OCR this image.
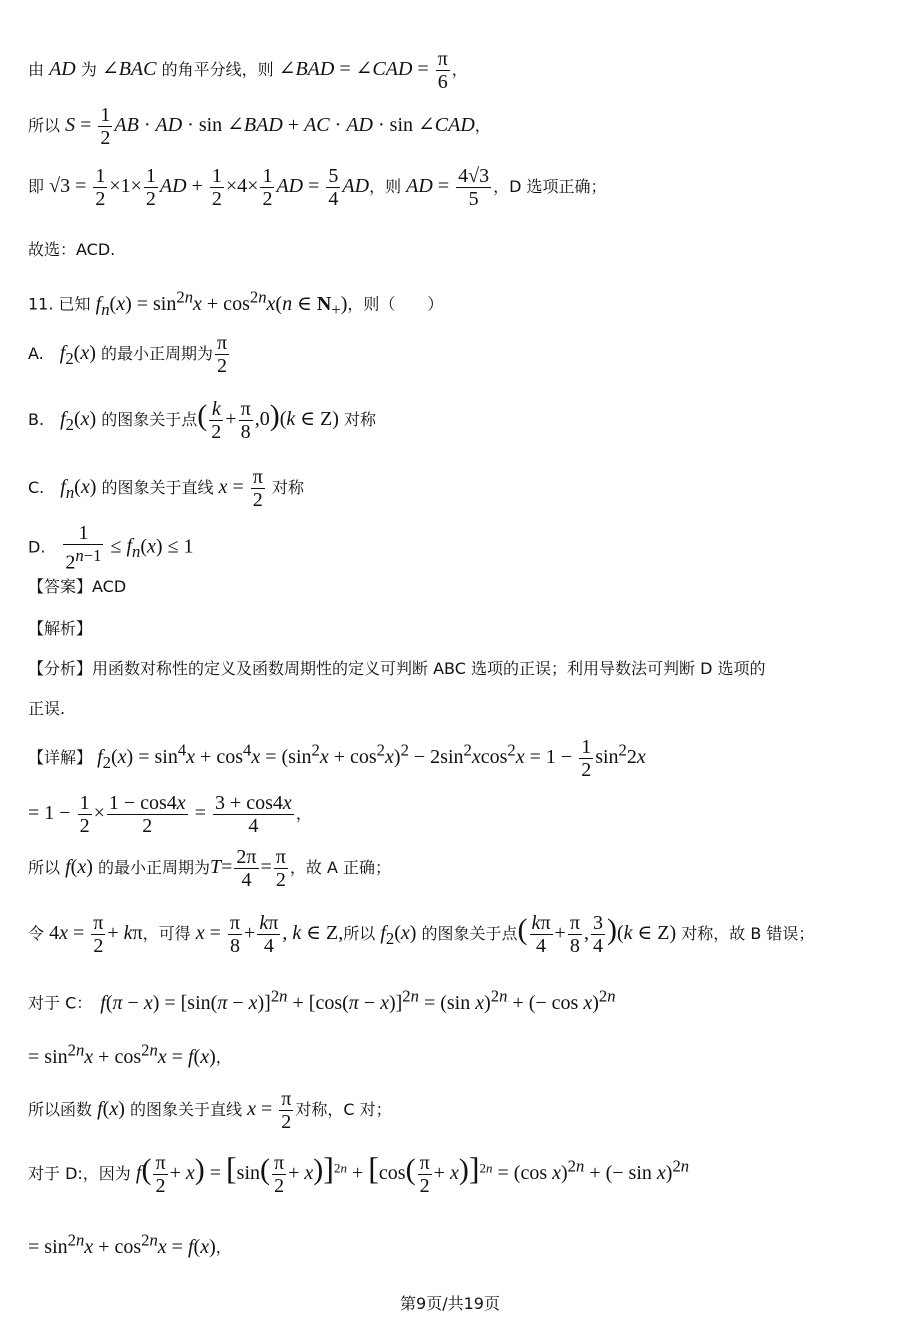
由 AD 为 ∠BAC 的角平分线，则 ∠BAD = ∠CAD = $\frac{\pi}{6}$ ，
所以 $S = \frac{1}{2}$ AB · AD · sin ∠BAD + AC · AD · sin ∠CAD，
即 $√3 = \frac{1}{2} \times 1\times \frac{1}{2}$ AD + $\frac{1}{2} \times 4\times \frac{1}{2}$ AD = $\frac{5}{4}$ AD，则 AD = $\frac{4√3}{5}$ ，D 选项正确；
故选：ACD.
11. 已知 $f_n(x) = \sin^{2n}x + \cos^{2n}x(n$ ∈ $N_+$)，则（　　）
A.　$f_2(x)$ 的最小正周期为 $\frac{\pi}{2}$
B.　$f_2(x)$ 的图象关于点( $\frac{k}{2} + \frac{\pi}{8} ,0)(k$ ∈ Z) 对称
C.　$f_n(x)$ 的图象关于直线 $x = \frac{\pi}{2}$ 对称
D.　 $\frac{1}{2^{n-1}} \le f_n(x) \le 1$
【答案】ACD
【解析】
【分析】用函数对称性的定义及函数周期性的定义可判断 ABC 选项的正误；利用导数法可判断 D 选项的
正误.
【详解】 $f_2(x) = \sin^4x + \cos^4x = (\sin^2x + \cos^2x)^2 - 2\sin^2xcos^2x = 1 - \frac{1}{2} \sin^22x$
= $1 - \frac{1}{2} \times \frac{1 - \cos 4x}{2} = \frac{3 + \cos 4x}{4}$ ，
所以 f(x) 的最小正周期为$T= \frac{2\pi}{4} = \frac{\pi}{2}$ ，故 A 正确；
令 $4x = \frac{\pi}{2} + k\pi$，可得 $x = \frac{\pi}{8} + \frac{k\pi}{4}$ , k ∈ Z,所以 $f_2(x)$ 的图象关于点( $\frac{k\pi}{4} + \frac{\pi}{8}$ , $\frac{3}{4} )(k$ ∈ Z) 对称，故 B 错误；
对于 C：　$f(\pi - x) = [\sin(\pi - x)]^{2n} + [\cos(\pi - x)]^{2n} = (\sin$ x)$^{2n}$ + (− cos x)$^{2n}$
= $\sin^{2n}x + \cos^{2n}x = f(x)$，
所以函数 f(x) 的图象关于直线 $x = \frac{\pi}{2}$ 对称，C 对；
对于 D:，因为 $f( \frac{\pi}{2} + x) = [\sin( \frac{\pi}{2} + x)]^{2n} + [\cos( \frac{\pi}{2} + x)]^{2n} = (\cos$ x)$^{2n}$ + (− sin x)$^{2n}$
= $\sin^{2n}x + \cos^{2n}x = f(x)$，
第9页/共19页
